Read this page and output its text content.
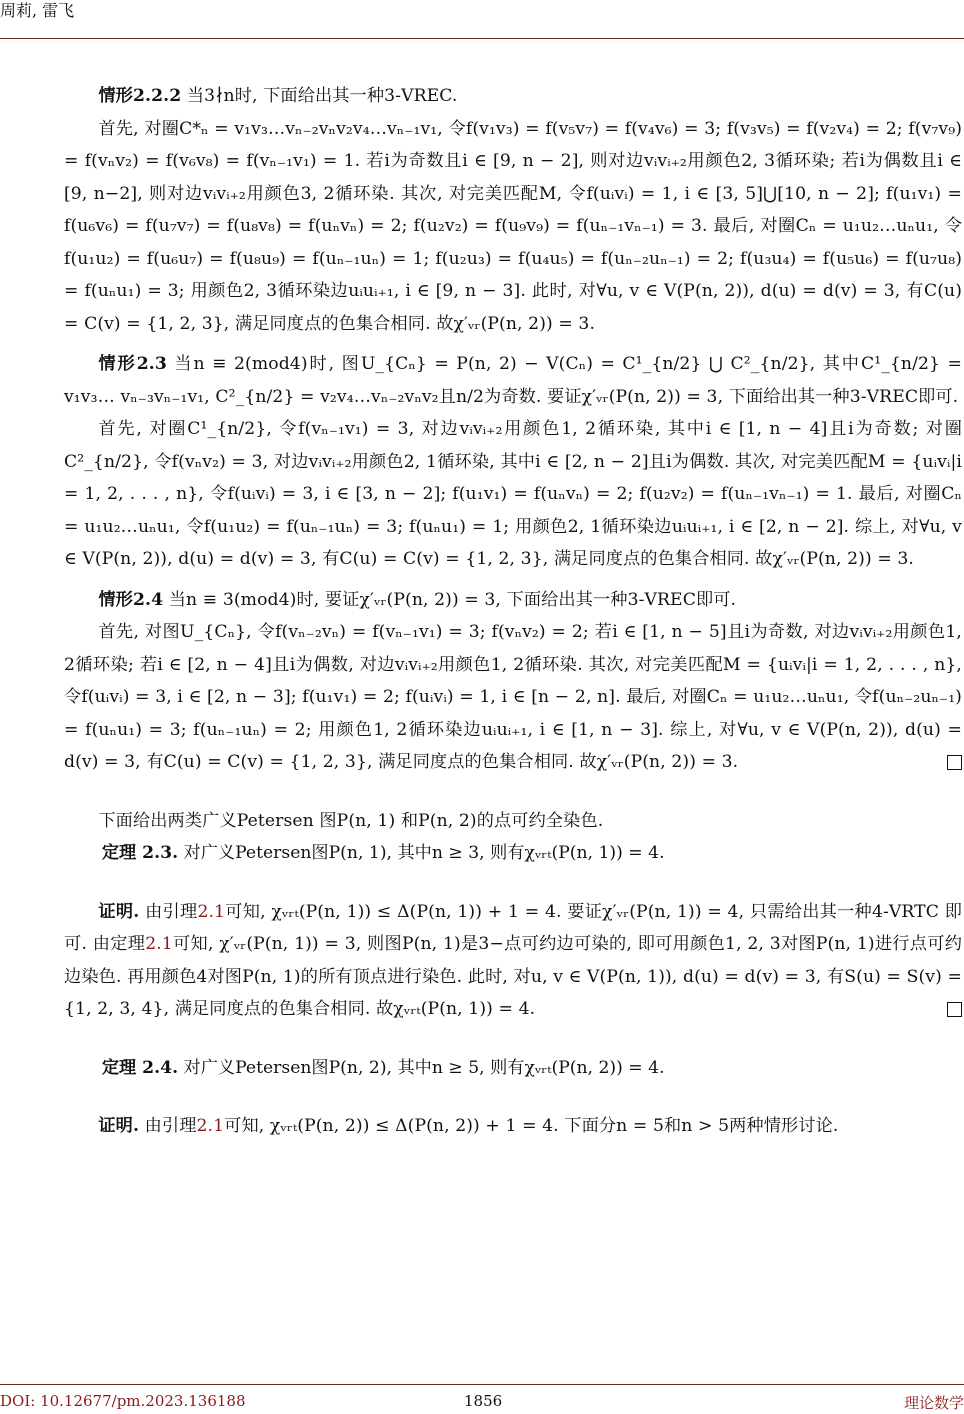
周莉, 雷飞

情形2.2.2 当3∤n时, 下面给出其一种3-VREC.

首先, 对圈C*ₙ = v₁v₃…vₙ₋₂vₙv₂v₄…vₙ₋₁v₁, 令f(v₁v₃) = f(v₅v₇) = f(v₄v₆) = 3; f(v₃v₅) = f(v₂v₄) = 2; f(v₇v₉) = f(vₙv₂) = f(v₆v₈) = f(vₙ₋₁v₁) = 1. 若i为奇数且i ∈ [9, n − 2], 则对边vᵢvᵢ₊₂用颜色2, 3循环染; 若i为偶数且i ∈ [9, n−2], 则对边vᵢvᵢ₊₂用颜色3, 2循环染. 其次, 对完美匹配M, 令f(uᵢvᵢ) = 1, i ∈ [3, 5]⋃[10, n − 2]; f(u₁v₁) = f(u₆v₆) = f(u₇v₇) = f(u₈v₈) = f(uₙvₙ) = 2; f(u₂v₂) = f(u₉v₉) = f(uₙ₋₁vₙ₋₁) = 3. 最后, 对圈Cₙ = u₁u₂…uₙu₁, 令f(u₁u₂) = f(u₆u₇) = f(u₈u₉) = f(uₙ₋₁uₙ) = 1; f(u₂u₃) = f(u₄u₅) = f(uₙ₋₂uₙ₋₁) = 2; f(u₃u₄) = f(u₅u₆) = f(u₇u₈) = f(uₙu₁) = 3; 用颜色2, 3循环染边uᵢuᵢ₊₁, i ∈ [9, n − 3]. 此时, 对∀u, v ∈ V(P(n, 2)), d(u) = d(v) = 3, 有C(u) = C(v) = {1, 2, 3}, 满足同度点的色集合相同. 故χ′ᵥᵣ(P(n, 2)) = 3.

情形2.3 当n ≡ 2(mod4)时, 图U_{Cₙ} = P(n, 2) − V(Cₙ) = C¹_{n/2} ⋃ C²_{n/2}, 其中C¹_{n/2} = v₁v₃… vₙ₋₃vₙ₋₁v₁, C²_{n/2} = v₂v₄…vₙ₋₂vₙv₂且n/2为奇数. 要证χ′ᵥᵣ(P(n, 2)) = 3, 下面给出其一种3-VREC即可.

首先, 对圈C¹_{n/2}, 令f(vₙ₋₁v₁) = 3, 对边vᵢvᵢ₊₂用颜色1, 2循环染, 其中i ∈ [1, n − 4]且i为奇数; 对圈C²_{n/2}, 令f(vₙv₂) = 3, 对边vᵢvᵢ₊₂用颜色2, 1循环染, 其中i ∈ [2, n − 2]且i为偶数. 其次, 对完美匹配M = {uᵢvᵢ|i = 1, 2, . . . , n}, 令f(uᵢvᵢ) = 3, i ∈ [3, n − 2]; f(u₁v₁) = f(uₙvₙ) = 2; f(u₂v₂) = f(uₙ₋₁vₙ₋₁) = 1. 最后, 对圈Cₙ = u₁u₂…uₙu₁, 令f(u₁u₂) = f(uₙ₋₁uₙ) = 3; f(uₙu₁) = 1; 用颜色2, 1循环染边uᵢuᵢ₊₁, i ∈ [2, n − 2]. 综上, 对∀u, v ∈ V(P(n, 2)), d(u) = d(v) = 3, 有C(u) = C(v) = {1, 2, 3}, 满足同度点的色集合相同. 故χ′ᵥᵣ(P(n, 2)) = 3.

情形2.4 当n ≡ 3(mod4)时, 要证χ′ᵥᵣ(P(n, 2)) = 3, 下面给出其一种3-VREC即可.

首先, 对图U_{Cₙ}, 令f(vₙ₋₂vₙ) = f(vₙ₋₁v₁) = 3; f(vₙv₂) = 2; 若i ∈ [1, n − 5]且i为奇数, 对边vᵢvᵢ₊₂用颜色1, 2循环染; 若i ∈ [2, n − 4]且i为偶数, 对边vᵢvᵢ₊₂用颜色1, 2循环染. 其次, 对完美匹配M = {uᵢvᵢ|i = 1, 2, . . . , n}, 令f(uᵢvᵢ) = 3, i ∈ [2, n − 3]; f(u₁v₁) = 2; f(uᵢvᵢ) = 1, i ∈ [n − 2, n]. 最后, 对圈Cₙ = u₁u₂…uₙu₁, 令f(uₙ₋₂uₙ₋₁) = f(uₙu₁) = 3; f(uₙ₋₁uₙ) = 2; 用颜色1, 2循环染边uᵢuᵢ₊₁, i ∈ [1, n − 3]. 综上, 对∀u, v ∈ V(P(n, 2)), d(u) = d(v) = 3, 有C(u) = C(v) = {1, 2, 3}, 满足同度点的色集合相同. 故χ′ᵥᵣ(P(n, 2)) = 3.

下面给出两类广义Petersen 图P(n, 1) 和P(n, 2)的点可约全染色.

定理 2.3. 对广义Petersen图P(n, 1), 其中n ≥ 3, 则有χᵥᵣₜ(P(n, 1)) = 4.

证明. 由引理2.1可知, χᵥᵣₜ(P(n, 1)) ≤ Δ(P(n, 1)) + 1 = 4. 要证χ′ᵥᵣ(P(n, 1)) = 4, 只需给出其一种4-VRTC 即可. 由定理2.1可知, χ′ᵥᵣ(P(n, 1)) = 3, 则图P(n, 1)是3−点可约边可染的, 即可用颜色1, 2, 3对图P(n, 1)进行点可约边染色. 再用颜色4对图P(n, 1)的所有顶点进行染色. 此时, 对u, v ∈ V(P(n, 1)), d(u) = d(v) = 3, 有S(u) = S(v) = {1, 2, 3, 4}, 满足同度点的色集合相同. 故χᵥᵣₜ(P(n, 1)) = 4.

定理 2.4. 对广义Petersen图P(n, 2), 其中n ≥ 5, 则有χᵥᵣₜ(P(n, 2)) = 4.

证明. 由引理2.1可知, χᵥᵣₜ(P(n, 2)) ≤ Δ(P(n, 2)) + 1 = 4. 下面分n = 5和n > 5两种情形讨论.

DOI: 10.12677/pm.2023.136188	1856	理论数学
